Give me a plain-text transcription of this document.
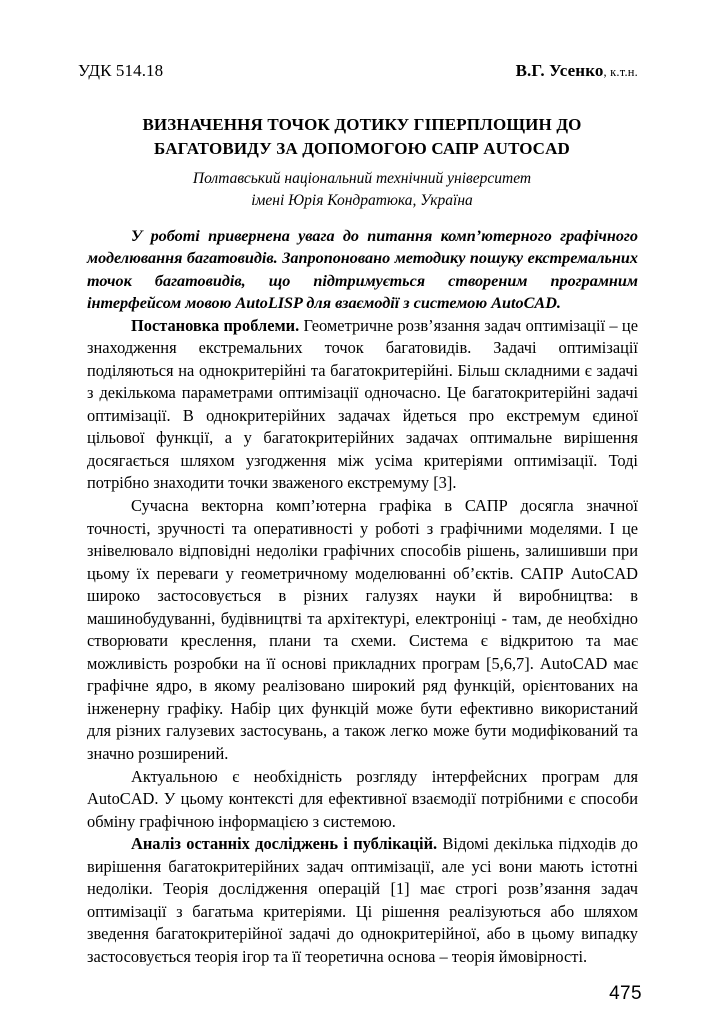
УДК 514.18	В.Г. Усенко, к.т.н.
ВИЗНАЧЕННЯ ТОЧОК ДОТИКУ ГІПЕРПЛОЩИН ДО
БАГАТОВИДУ ЗА ДОПОМОГОЮ САПР AUTOCAD
Полтавський національний технічний університет
імені Юрія Кондратюка, Україна

У роботі привернена увага до питання комп’ютерного графічного моделювання багатовидів. Запропоновано методику пошуку екстремальних точок багатовидів, що підтримується створеним програмним інтерфейсом мовою AutoLISP для взаємодії з системою AutoCAD.

Постановка проблеми. Геометричне розв’язання задач оптимізації – це знаходження екстремальних точок багатовидів. Задачі оптимізації поділяються на однокритерійні та багатокритерійні. Більш складними є задачі з декількома параметрами оптимізації одночасно. Це багатокритерійні задачі оптимізації. В однокритерійних задачах йдеться про екстремум єдиної цільової функції, а у багатокритерійних задачах оптимальне вирішення досягається шляхом узгодження між усіма критеріями оптимізації. Тоді потрібно знаходити точки зваженого екстремуму [3].

Сучасна векторна комп’ютерна графіка в САПР досягла значної точності, зручності та оперативності у роботі з графічними моделями. І це знівелювало відповідні недоліки графічних способів рішень, залишивши при цьому їх переваги у геометричному моделюванні об’єктів. САПР AutoCAD широко застосовується в різних галузях науки й виробництва: в машинобудуванні, будівництві та архітектурі, електроніці - там, де необхідно створювати креслення, плани та схеми. Система є відкритою та має можливість розробки на її основі прикладних програм [5,6,7]. AutoCAD має графічне ядро, в якому реалізовано широкий ряд функцій, орієнтованих на інженерну графіку. Набір цих функцій може бути ефективно використаний для різних галузевих застосувань, а також легко може бути модифікований та значно розширений.

Актуальною є необхідність розгляду інтерфейсних програм для AutoCAD. У цьому контексті для ефективної взаємодії потрібними є способи обміну графічною інформацією з системою.

Аналіз останніх досліджень і публікацій. Відомі декілька підходів до вирішення багатокритерійних задач оптимізації, але усі вони мають істотні недоліки. Теорія дослідження операцій [1] має строгі розв’язання задач оптимізації з багатьма критеріями. Ці рішення реалізуються або шляхом зведення багатокритерійної задачі до однокритерійної, або в цьому випадку застосовується теорія ігор та її теоретична основа – теорія ймовірності.

475
